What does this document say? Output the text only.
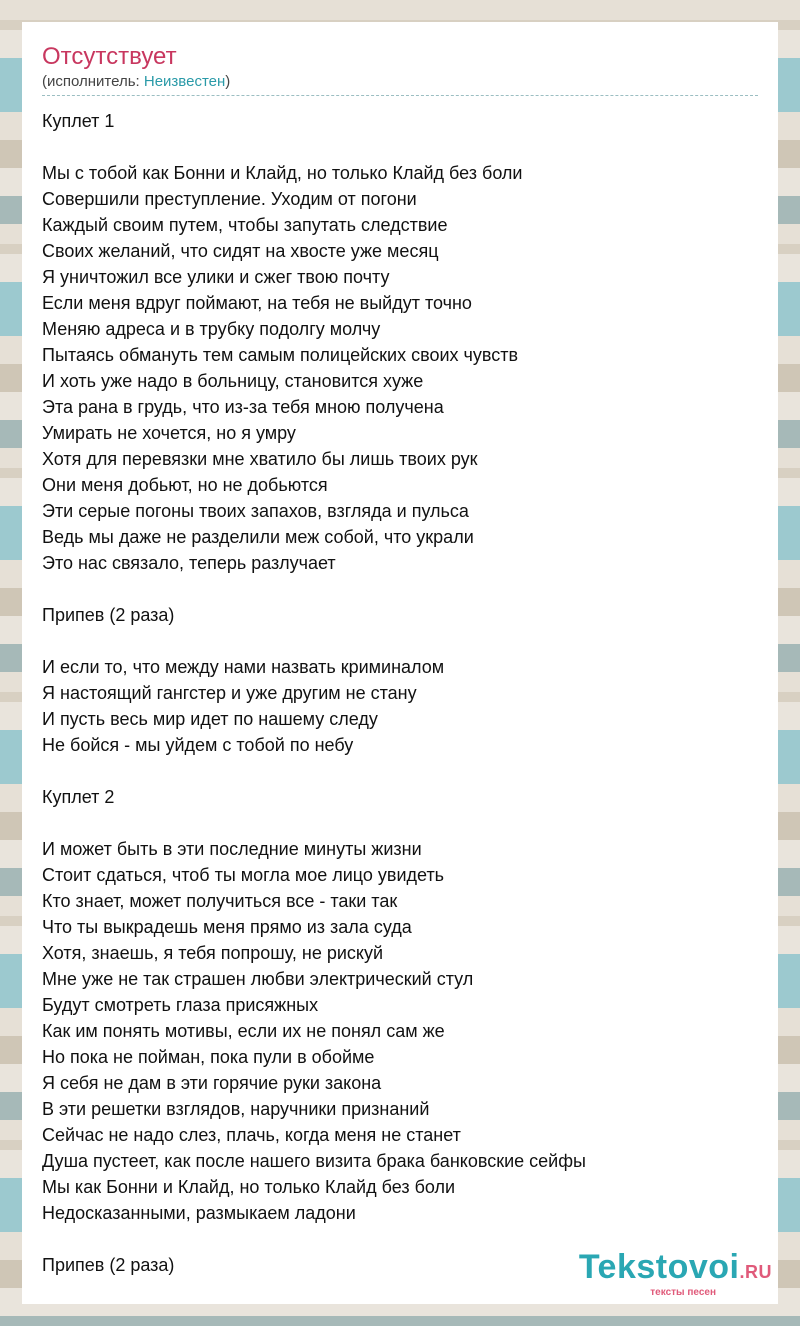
Отсутствует
(исполнитель: Неизвестен)
Куплет 1
Мы с тобой как Бонни и Клайд, но только Клайд без боли
Совершили преступление. Уходим от погони
Каждый своим путем, чтобы запутать следствие
Своих желаний, что сидят на хвосте уже месяц
Я уничтожил все улики и сжег твою почту
Если меня вдруг поймают, на тебя не выйдут точно
Меняю адреса и в трубку подолгу молчу
Пытаясь обмануть тем самым полицейских своих чувств
И хоть уже надо в больницу, становится хуже
Эта рана в грудь, что из-за тебя мною получена
Умирать не хочется, но я умру
Хотя для перевязки мне хватило бы лишь твоих рук
Они меня добьют, но не добьются
Эти серые погоны твоих запахов, взгляда и пульса
Ведь мы даже не разделили меж собой, что украли
Это нас связало, теперь разлучает
Припев (2 раза)
И если то, что между нами назвать криминалом
Я настоящий гангстер и уже другим не стану
И пусть весь мир идет по нашему следу
Не бойся - мы уйдем с тобой по небу
Куплет 2
И может быть в эти последние минуты жизни
Стоит сдаться, чтоб ты могла мое лицо увидеть
Кто знает, может получиться все - таки так
Что ты выкрадешь меня прямо из зала суда
Хотя, знаешь, я тебя попрошу, не рискуй
Мне уже не так страшен любви электрический стул
Будут смотреть глаза присяжных
Как им понять мотивы, если их не понял сам же
Но пока не пойман, пока пули в обойме
Я себя не дам в эти горячие руки закона
В эти решетки взглядов, наручники признаний
Сейчас не надо слез, плачь, когда меня не станет
Душа пустеет, как после нашего визита брака банковские сейфы
Мы как Бонни и Клайд, но только Клайд без боли
Недосказанными, размыкаем ладони
Припев (2 раза)	Tekstovoi.RU
тексты песен
